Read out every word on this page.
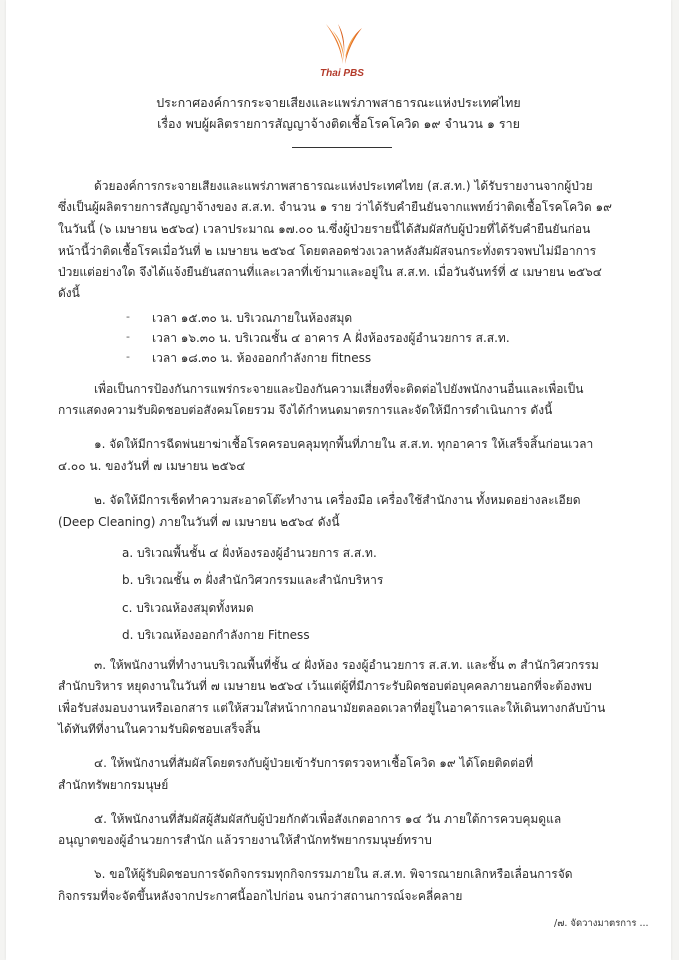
Thai PBS
ประกาศองค์การกระจายเสียงและแพร่ภาพสาธารณะแห่งประเทศไทย
เรื่อง พบผู้ผลิตรายการสัญญาจ้างติดเชื้อโรคโควิด ๑๙ จำนวน ๑ ราย
ด้วยองค์การกระจายเสียงและแพร่ภาพสาธารณะแห่งประเทศไทย (ส.ส.ท.) ได้รับรายงานจากผู้ป่วย
ซึ่งเป็นผู้ผลิตรายการสัญญาจ้างของ ส.ส.ท. จำนวน ๑ ราย ว่าได้รับคำยืนยันจากแพทย์ว่าติดเชื้อโรคโควิด ๑๙
ในวันนี้ (๖ เมษายน ๒๕๖๔) เวลาประมาณ ๑๗.๐๐ น.ซึ่งผู้ป่วยรายนี้ได้สัมผัสกับผู้ป่วยที่ได้รับคำยืนยันก่อน
หน้านี้ว่าติดเชื้อโรคเมื่อวันที่ ๒ เมษายน ๒๕๖๔ โดยตลอดช่วงเวลาหลังสัมผัสจนกระทั่งตรวจพบไม่มีอาการ
ป่วยแต่อย่างใด จึงได้แจ้งยืนยันสถานที่และเวลาที่เข้ามาและอยู่ใน ส.ส.ท. เมื่อวันจันทร์ที่ ๕ เมษายน ๒๕๖๔
ดังนี้
- เวลา ๑๕.๓๐ น. บริเวณภายในห้องสมุด
- เวลา ๑๖.๓๐ น. บริเวณชั้น ๔ อาคาร A ฝั่งห้องรองผู้อำนวยการ ส.ส.ท.
- เวลา ๑๘.๓๐ น. ห้องออกกำลังกาย fitness
เพื่อเป็นการป้องกันการแพร่กระจายและป้องกันความเสี่ยงที่จะติดต่อไปยังพนักงานอื่นและเพื่อเป็น
การแสดงความรับผิดชอบต่อสังคมโดยรวม จึงได้กำหนดมาตรการและจัดให้มีการดำเนินการ ดังนี้
๑. จัดให้มีการฉีดพ่นยาฆ่าเชื้อโรคครอบคลุมทุกพื้นที่ภายใน ส.ส.ท. ทุกอาคาร ให้เสร็จสิ้นก่อนเวลา
๔.๐๐ น. ของวันที่ ๗ เมษายน ๒๕๖๔
๒. จัดให้มีการเช็ดทำความสะอาดโต๊ะทำงาน เครื่องมือ เครื่องใช้สำนักงาน ทั้งหมดอย่างละเอียด
(Deep Cleaning) ภายในวันที่ ๗ เมษายน ๒๕๖๔ ดังนี้
a. บริเวณพื้นชั้น ๔ ฝั่งห้องรองผู้อำนวยการ ส.ส.ท.
b. บริเวณชั้น ๓ ฝั่งสำนักวิศวกรรมและสำนักบริหาร
c. บริเวณห้องสมุดทั้งหมด
d. บริเวณห้องออกกำลังกาย Fitness
๓. ให้พนักงานที่ทำงานบริเวณพื้นที่ชั้น ๔ ฝั่งห้อง รองผู้อำนวยการ ส.ส.ท. และชั้น ๓ สำนักวิศวกรรม
สำนักบริหาร หยุดงานในวันที่ ๗ เมษายน ๒๕๖๔ เว้นแต่ผู้ที่มีภาระรับผิดชอบต่อบุคคลภายนอกที่จะต้องพบ
เพื่อรับส่งมอบงานหรือเอกสาร แต่ให้สวมใส่หน้ากากอนามัยตลอดเวลาที่อยู่ในอาคารและให้เดินทางกลับบ้าน
ได้ทันทีที่งานในความรับผิดชอบเสร็จสิ้น
๔. ให้พนักงานที่สัมผัสโดยตรงกับผู้ป่วยเข้ารับการตรวจหาเชื้อโควิด ๑๙ ได้โดยติดต่อที่
สำนักทรัพยากรมนุษย์
๕. ให้พนักงานที่สัมผัสผู้สัมผัสกับผู้ป่วยกักตัวเพื่อสังเกตอาการ ๑๔ วัน ภายใต้การควบคุมดูแล
อนุญาตของผู้อำนวยการสำนัก แล้วรายงานให้สำนักทรัพยากรมนุษย์ทราบ
๖. ขอให้ผู้รับผิดชอบการจัดกิจกรรมทุกกิจกรรมภายใน ส.ส.ท. พิจารณายกเลิกหรือเลื่อนการจัด
กิจกรรมที่จะจัดขึ้นหลังจากประกาศนี้ออกไปก่อน จนกว่าสถานการณ์จะคลี่คลาย
/๗. จัดวางมาตรการ ...
